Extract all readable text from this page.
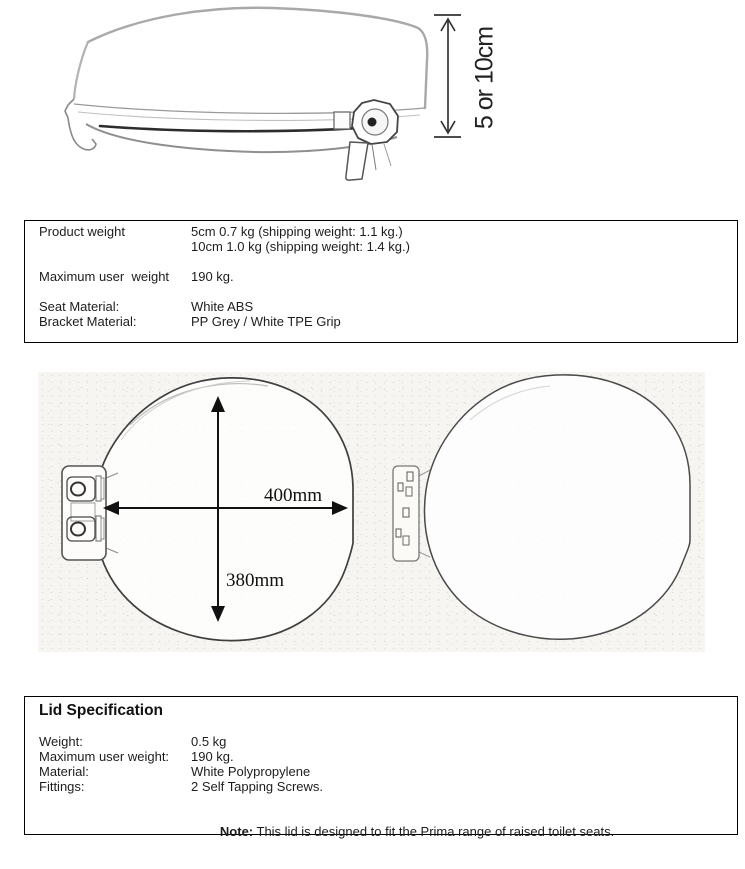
5 or 10cm
Product weight	5cm 0.7 kg (shipping weight: 1.1 kg.)
10cm 1.0 kg (shipping weight: 1.4 kg.)
Maximum user  weight	190 kg.
Seat Material:	White ABS
Bracket Material:	PP Grey / White TPE Grip
400mm
380mm
Lid Specification
Weight:	0.5 kg
Maximum user weight:	190 kg.
Material:	White Polypropylene
Fittings:	2 Self Tapping Screws.

Note: This lid is designed to fit the Prima range of raised toilet seats.
